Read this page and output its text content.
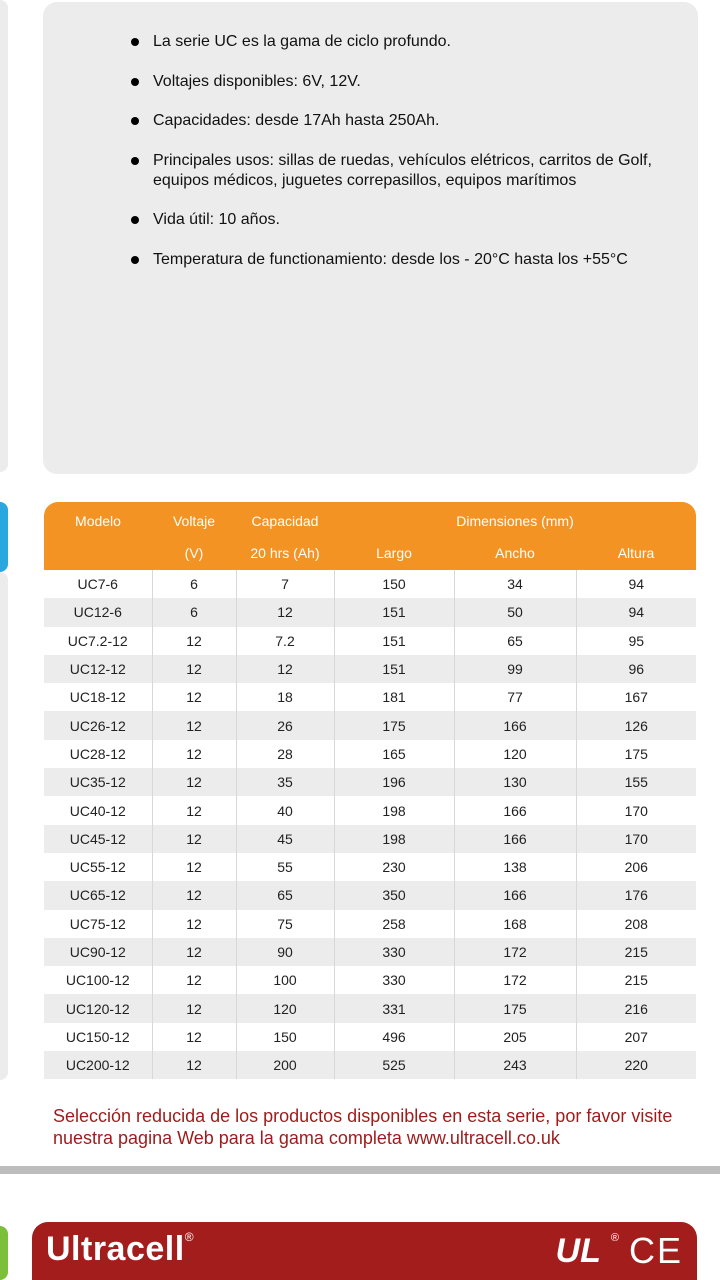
La serie UC es la gama de ciclo profundo.
Voltajes disponibles: 6V, 12V.
Capacidades: desde 17Ah hasta 250Ah.
Principales usos: sillas de ruedas, vehículos elétricos, carritos de Golf, equipos médicos, juguetes correpasillos, equipos marítimos
Vida útil: 10 años.
Temperatura de functionamiento: desde los - 20°C hasta los +55°C
Modelo	Voltaje	Capacidad	Dimensiones (mm)		
	(V)	20 hrs (Ah)	Largo	Ancho	Altura
UC7-6	6	7	150	34	94
UC12-6	6	12	151	50	94
UC7.2-12	12	7.2	151	65	95
UC12-12	12	12	151	99	96
UC18-12	12	18	181	77	167
UC26-12	12	26	175	166	126
UC28-12	12	28	165	120	175
UC35-12	12	35	196	130	155
UC40-12	12	40	198	166	170
UC45-12	12	45	198	166	170
UC55-12	12	55	230	138	206
UC65-12	12	65	350	166	176
UC75-12	12	75	258	168	208
UC90-12	12	90	330	172	215
UC100-12	12	100	330	172	215
UC120-12	12	120	331	175	216
UC150-12	12	150	496	205	207
UC200-12	12	200	525	243	220

Selección reducida de los productos disponibles en esta serie, por favor visite nuestra pagina Web para la gama completa www.ultracell.co.uk

Ultracell®	UL ® CE
